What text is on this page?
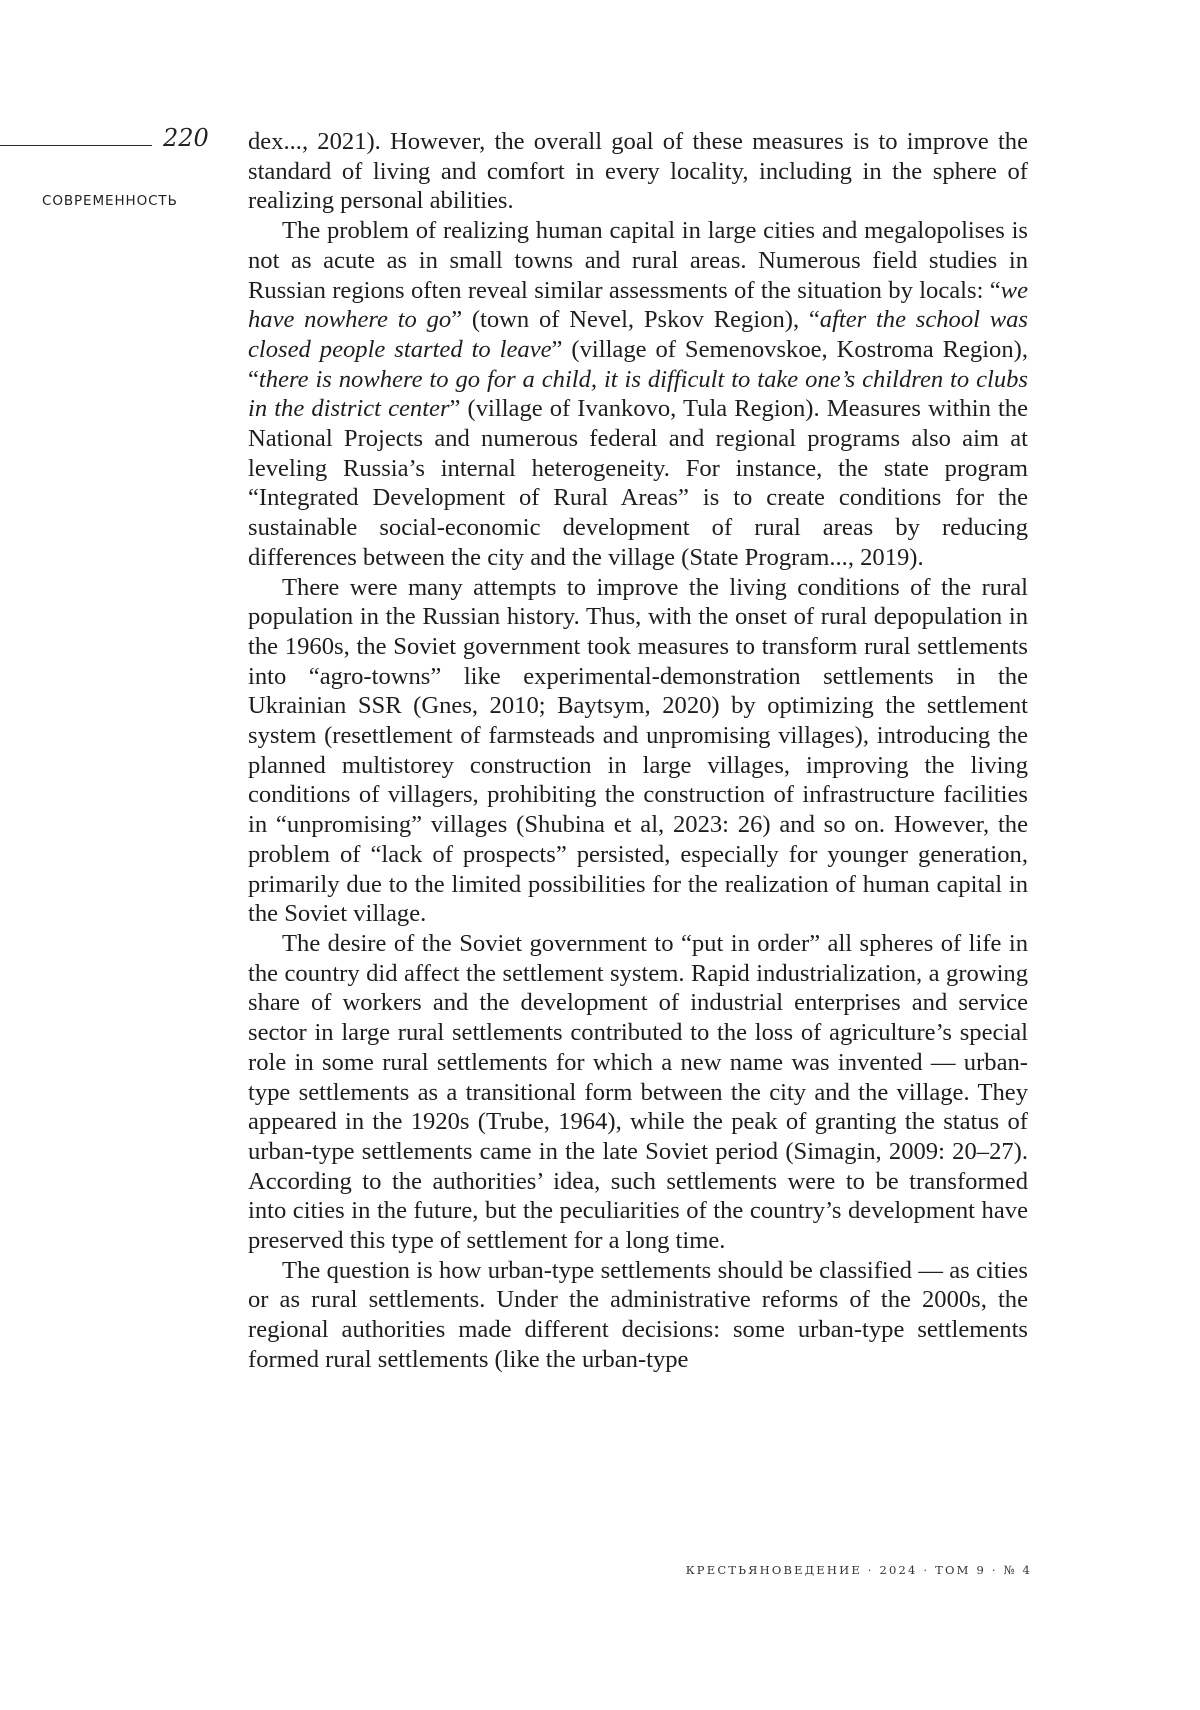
220
СОВРЕМЕННОСТЬ

dex..., 2021). However, the overall goal of these measures is to improve the standard of living and comfort in every locality, including in the sphere of realizing personal abilities.

The problem of realizing human capital in large cities and megalopolises is not as acute as in small towns and rural areas. Numerous field studies in Russian regions often reveal similar assessments of the situation by locals: “we have nowhere to go” (town of Nevel, Pskov Region), “after the school was closed people started to leave” (village of Semenovskoe, Kostroma Region), “there is nowhere to go for a child, it is difficult to take one’s children to clubs in the district center” (village of Ivankovo, Tula Region). Measures within the National Projects and numerous federal and regional programs also aim at leveling Russia’s internal heterogeneity. For instance, the state program “Integrated Development of Rural Areas” is to create conditions for the sustainable social-economic development of rural areas by reducing differences between the city and the village (State Program..., 2019).

There were many attempts to improve the living conditions of the rural population in the Russian history. Thus, with the onset of rural depopulation in the 1960s, the Soviet government took measures to transform rural settlements into “agro-towns” like experimental-demonstration settlements in the Ukrainian SSR (Gnes, 2010; Baytsym, 2020) by optimizing the settlement system (resettlement of farmsteads and unpromising villages), introducing the planned multistorey construction in large villages, improving the living conditions of villagers, prohibiting the construction of infrastructure facilities in “unpromising” villages (Shubina et al, 2023: 26) and so on. However, the problem of “lack of prospects” persisted, especially for younger generation, primarily due to the limited possibilities for the realization of human capital in the Soviet village.

The desire of the Soviet government to “put in order” all spheres of life in the country did affect the settlement system. Rapid industrialization, a growing share of workers and the development of industrial enterprises and service sector in large rural settlements contributed to the loss of agriculture’s special role in some rural settlements for which a new name was invented — urban-type settlements as a transitional form between the city and the village. They appeared in the 1920s (Trube, 1964), while the peak of granting the status of urban-type settlements came in the late Soviet period (Simagin, 2009: 20–27). According to the authorities’ idea, such settlements were to be transformed into cities in the future, but the peculiarities of the country’s development have preserved this type of settlement for a long time.

The question is how urban-type settlements should be classified — as cities or as rural settlements. Under the administrative reforms of the 2000s, the regional authorities made different decisions: some urban-type settlements formed rural settlements (like the urban-type

КРЕСТЬЯНОВЕДЕНИЕ · 2024 · ТОМ 9 · № 4
